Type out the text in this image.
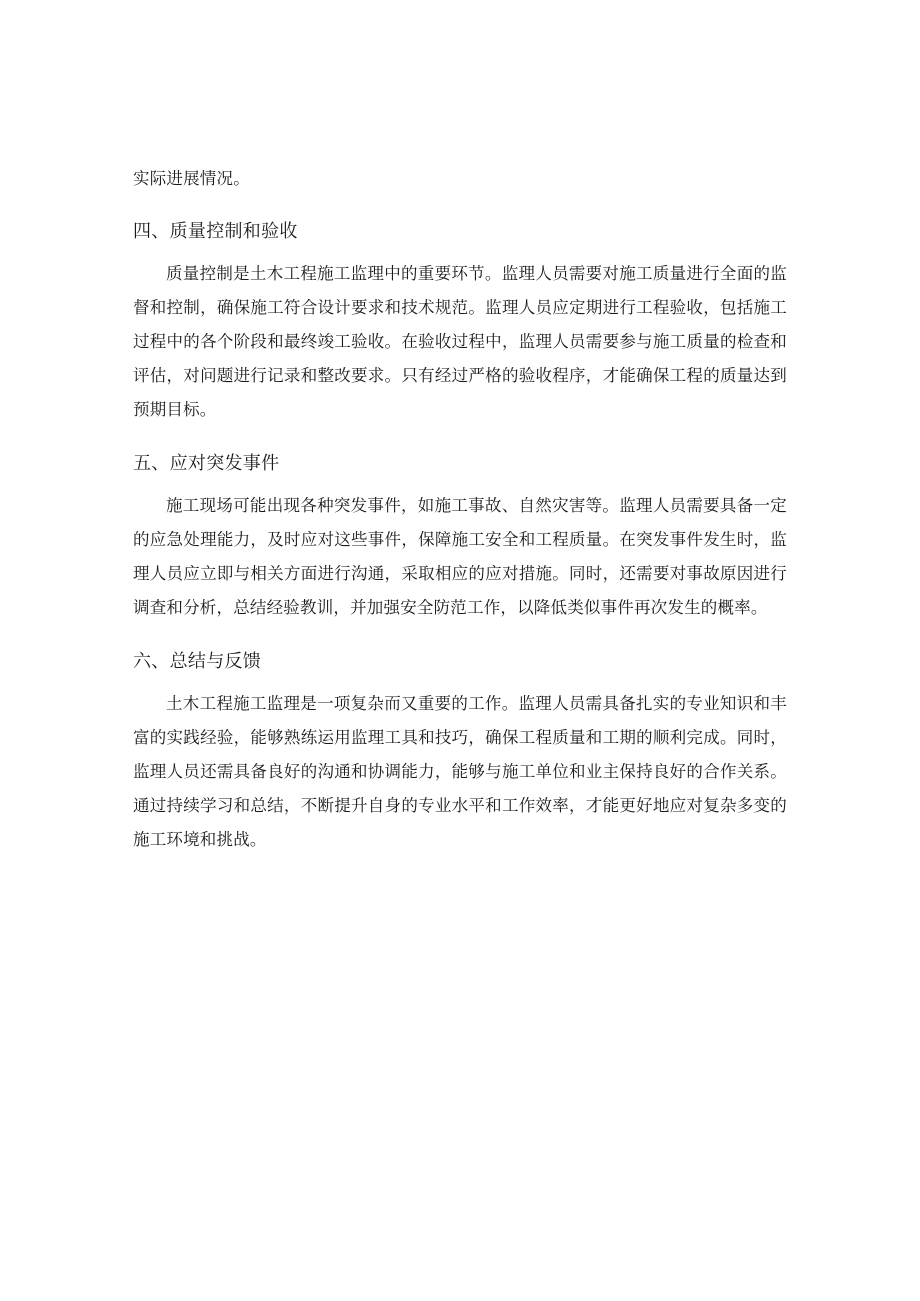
实际进展情况。

四、质量控制和验收

质量控制是土木工程施工监理中的重要环节。监理人员需要对施工质量进行全面的监督和控制，确保施工符合设计要求和技术规范。监理人员应定期进行工程验收，包括施工过程中的各个阶段和最终竣工验收。在验收过程中，监理人员需要参与施工质量的检查和评估，对问题进行记录和整改要求。只有经过严格的验收程序，才能确保工程的质量达到预期目标。

五、应对突发事件

施工现场可能出现各种突发事件，如施工事故、自然灾害等。监理人员需要具备一定的应急处理能力，及时应对这些事件，保障施工安全和工程质量。在突发事件发生时，监理人员应立即与相关方面进行沟通，采取相应的应对措施。同时，还需要对事故原因进行调查和分析，总结经验教训，并加强安全防范工作，以降低类似事件再次发生的概率。

六、总结与反馈

土木工程施工监理是一项复杂而又重要的工作。监理人员需具备扎实的专业知识和丰富的实践经验，能够熟练运用监理工具和技巧，确保工程质量和工期的顺利完成。同时，监理人员还需具备良好的沟通和协调能力，能够与施工单位和业主保持良好的合作关系。通过持续学习和总结，不断提升自身的专业水平和工作效率，才能更好地应对复杂多变的施工环境和挑战。
